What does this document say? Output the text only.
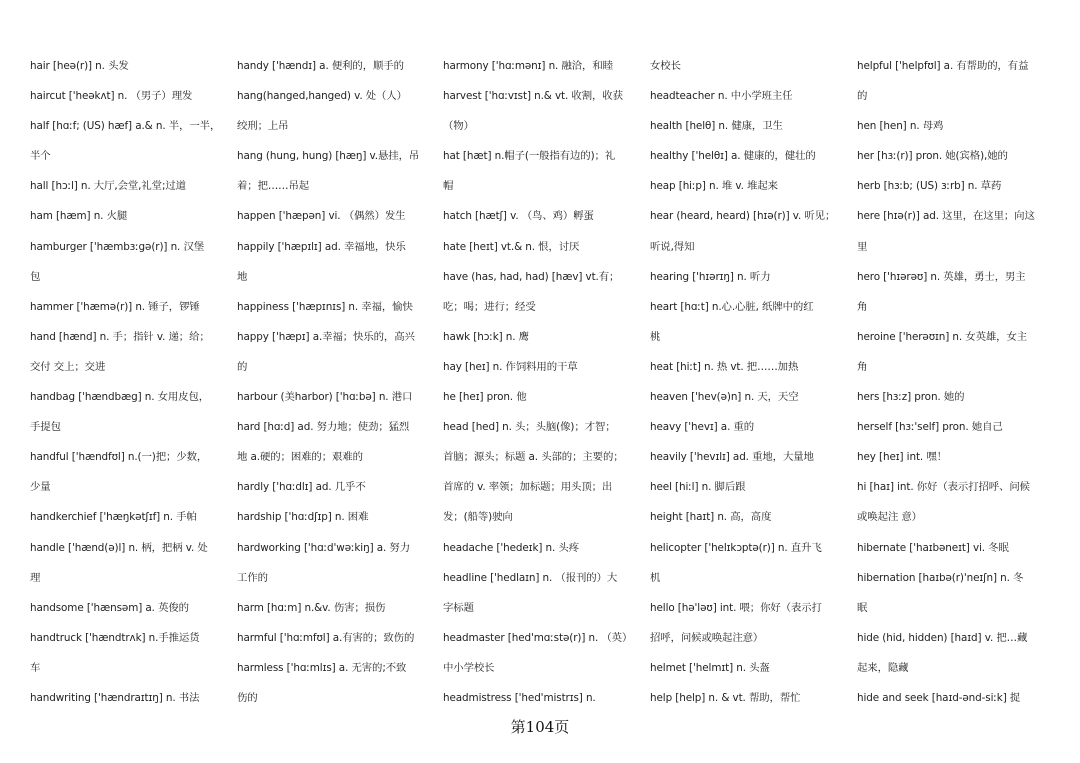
hair [heə(r)] n. 头发
haircut ['heəkʌt] n. （男子）理发
half [hɑːf; (US) hæf] a.& n. 半，一半，
半个
hall [hɔːl] n. 大厅,会堂,礼堂;过道
ham [hæm] n. 火腿
hamburger ['hæmbɜːgə(r)] n. 汉堡
包
hammer ['hæmə(r)] n. 锤子，锣锤
hand [hænd] n. 手；指针 v. 递；给；
交付 交上；交进
handbag ['hændbæg] n. 女用皮包，
手提包
handful ['hændfʊl] n.(一)把；少数，
少量
handkerchief ['hæŋkətʃɪf] n. 手帕
handle ['hænd(ə)l] n. 柄，把柄 v. 处
理
handsome ['hænsəm] a. 英俊的
handtruck ['hændtrʌk] n.手推运货
车
handwriting ['hændraɪtɪŋ] n. 书法
handy ['hændɪ] a. 便利的，顺手的
hang(hanged,hanged) v. 处（人）
绞刑；上吊
hang (hung, hung) [hæŋ] v.悬挂，吊
着；把……吊起
happen ['hæpən] vi. （偶然）发生
happily ['hæpɪlɪ] ad. 幸福地，快乐
地
happiness ['hæpɪnɪs] n. 幸福，愉快
happy ['hæpɪ] a.幸福；快乐的，高兴
的
harbour (美harbor) ['hɑːbə] n. 港口
hard [hɑːd] ad. 努力地；使劲；猛烈
地 a.硬的；困难的；艰难的
hardly ['hɑːdlɪ] ad. 几乎不
hardship ['hɑːdʃɪp] n. 困难
hardworking ['hɑːd'wəːkiŋ] a. 努力
工作的
harm [hɑːm] n.&v. 伤害；损伤
harmful ['hɑːmfʊl] a.有害的；致伤的
harmless ['hɑːmlɪs] a. 无害的;不致
伤的
harmony ['hɑːmənɪ] n. 融洽，和睦
harvest ['hɑːvɪst] n.& vt. 收割，收获
（物）
hat [hæt] n.帽子(一般指有边的)；礼
帽
hatch [hætʃ] v. （鸟、鸡）孵蛋
hate [heɪt] vt.& n. 恨，讨厌
have (has, had, had) [hæv] vt.有；
吃；喝；进行；经受
hawk [hɔːk] n. 鹰
hay [heɪ] n. 作饲料用的干草
he [heɪ] pron. 他
head [hed] n. 头；头脑(像)；才智；
首脑；源头；标题 a. 头部的；主要的；
首席的 v. 率领；加标题；用头顶；出
发；(船等)驶向
headache ['hedeɪk] n. 头疼
headline ['hedlaɪn] n. （报刊的）大
字标题
headmaster [hed'mɑːstə(r)] n. （英）
中小学校长
headmistress ['hed'mistrɪs] n.
女校长
headteacher n. 中小学班主任
health [helθ] n. 健康，卫生
healthy ['helθɪ] a. 健康的，健壮的
heap [hiːp] n. 堆 v. 堆起来
hear (heard, heard) [hɪə(r)] v. 听见；
听说,得知
hearing ['hɪərɪŋ] n. 听力
heart [hɑːt] n.心.心脏, 纸牌中的红
桃
heat [hiːt] n. 热 vt. 把……加热
heaven ['hev(ə)n] n. 天，天空
heavy ['hevɪ] a. 重的
heavily ['hevɪlɪ] ad. 重地，大量地
heel [hiːl] n. 脚后跟
height [haɪt] n. 高，高度
helicopter ['helɪkɔptə(r)] n. 直升飞
机
hello [hə'ləʊ] int. 喂；你好（表示打
招呼，问候或唤起注意）
helmet ['helmɪt] n. 头盔
help [help] n. & vt. 帮助，帮忙
helpful ['helpfʊl] a. 有帮助的，有益
的
hen [hen] n. 母鸡
her [hɜː(r)] pron. 她(宾格),她的
herb [hɜːb; (US) ɜːrb] n. 草药
here [hɪə(r)] ad. 这里，在这里；向这
里
hero ['hɪərəʊ] n. 英雄，勇士，男主
角
heroine ['herəʊɪn] n. 女英雄，女主
角
hers [hɜːz] pron. 她的
herself [hɜː'self] pron. 她自己
hey [heɪ] int. 嘿！
hi [haɪ] int. 你好（表示打招呼、问候
或唤起注 意）
hibernate ['haɪbəneɪt] vi. 冬眠
hibernation [haɪbə(r)'neɪʃn] n. 冬
眠
hide (hid, hidden) [haɪd] v. 把…藏
起来，隐藏
hide and seek [haɪd-ənd-siːk] 捉
第104页
